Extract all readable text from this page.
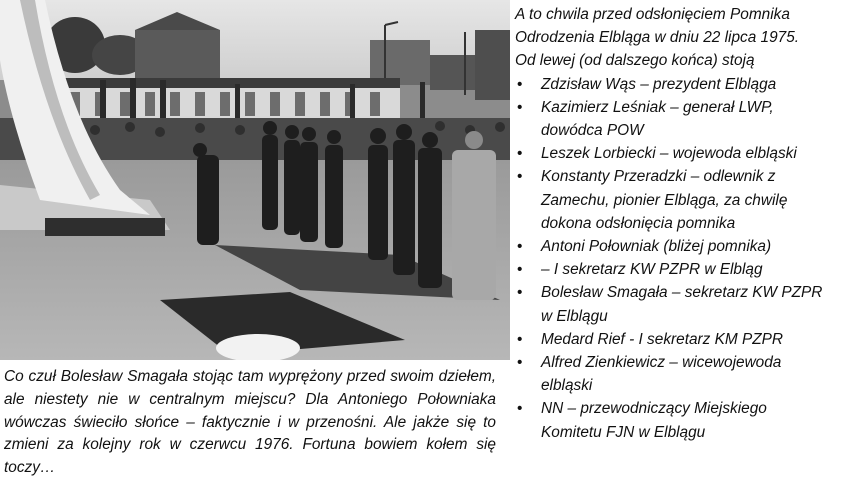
A to chwila przed odsłonięciem Pomnika
Odrodzenia Elbląga w dniu 22 lipca 1975.
Od lewej (od dalszego końca) stoją
• Zdzisław Wąs – prezydent Elbląga
• Kazimierz Leśniak – generał LWP,
dowódca POW
• Leszek Lorbiecki – wojewoda elbląski
• Konstanty Przeradzki – odlewnik z
Zamechu, pionier Elbląga, za chwilę
dokona odsłonięcia pomnika
• Antoni Połowniak (bliżej pomnika)
• – I sekretarz KW PZPR w Elbląg
• Bolesław Smagała – sekretarz KW PZPR
w Elblągu
• Medard Rief - I sekretarz KM PZPR
• Alfred Zienkiewicz – wicewojewoda
elbląski
• NN – przewodniczący Miejskiego
Komitetu FJN w Elblągu
Co czuł Bolesław Smagała stojąc tam wyprężony przed swoim dziełem, ale niestety nie w centralnym miejscu? Dla Antoniego Połowniaka wówczas świeciło słońce – faktycznie i w przenośni. Ale jakże się to zmieni za kolejny rok w czerwcu 1976. Fortuna bowiem kołem się toczy…
